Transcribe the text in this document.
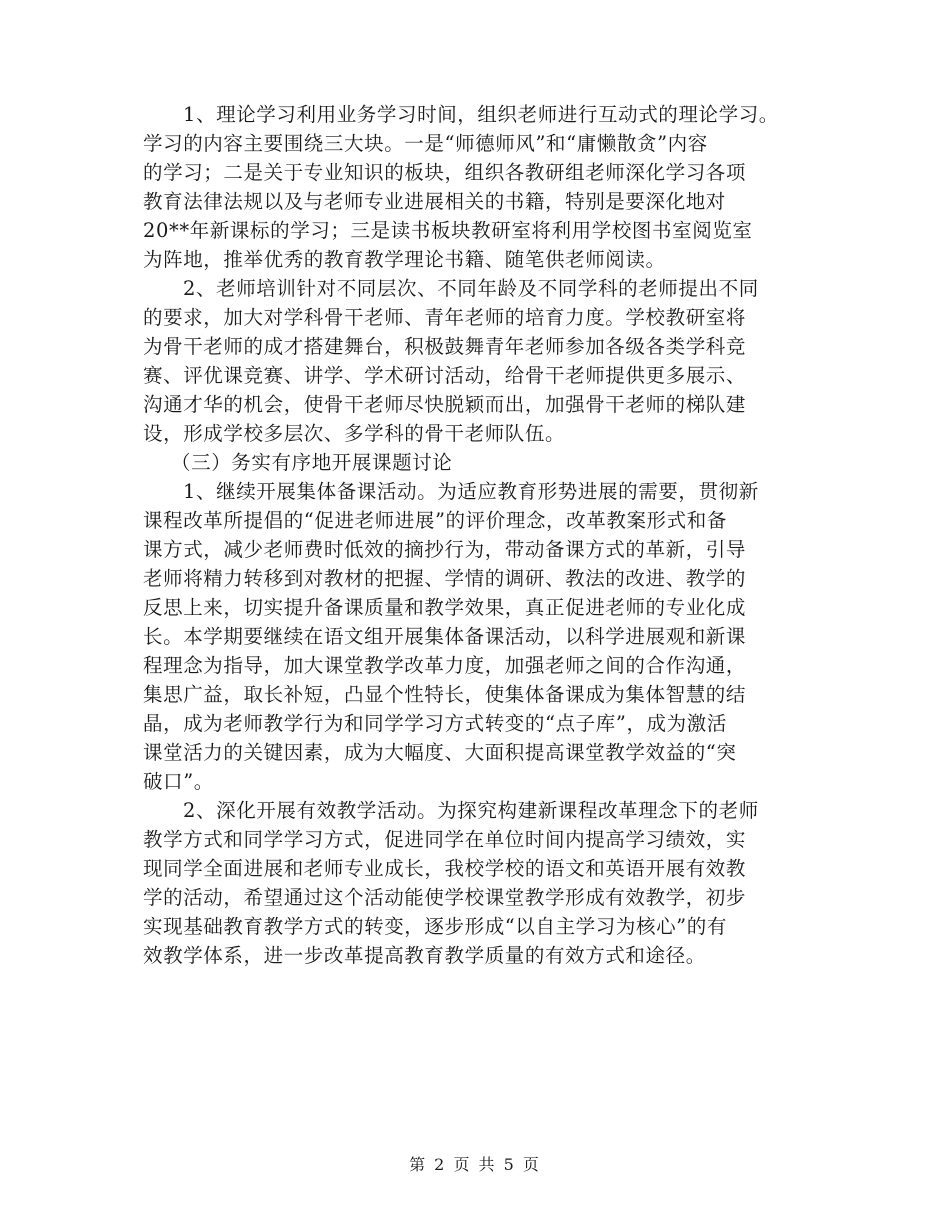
1、理论学习利用业务学习时间，组织老师进行互动式的理论学习。
学习的内容主要围绕三大块。一是“师德师风”和“庸懒散贪”内容
的学习；二是关于专业知识的板块，组织各教研组老师深化学习各项
教育法律法规以及与老师专业进展相关的书籍，特别是要深化地对
20**年新课标的学习；三是读书板块教研室将利用学校图书室阅览室
为阵地，推举优秀的教育教学理论书籍、随笔供老师阅读。
2、老师培训针对不同层次、不同年龄及不同学科的老师提出不同
的要求，加大对学科骨干老师、青年老师的培育力度。学校教研室将
为骨干老师的成才搭建舞台，积极鼓舞青年老师参加各级各类学科竞
赛、评优课竞赛、讲学、学术研讨活动，给骨干老师提供更多展示、
沟通才华的机会，使骨干老师尽快脱颖而出，加强骨干老师的梯队建
设，形成学校多层次、多学科的骨干老师队伍。
（三）务实有序地开展课题讨论
1、继续开展集体备课活动。为适应教育形势进展的需要，贯彻新
课程改革所提倡的“促进老师进展”的评价理念，改革教案形式和备
课方式，减少老师费时低效的摘抄行为，带动备课方式的革新，引导
老师将精力转移到对教材的把握、学情的调研、教法的改进、教学的
反思上来，切实提升备课质量和教学效果，真正促进老师的专业化成
长。本学期要继续在语文组开展集体备课活动，以科学进展观和新课
程理念为指导，加大课堂教学改革力度，加强老师之间的合作沟通，
集思广益，取长补短，凸显个性特长，使集体备课成为集体智慧的结
晶，成为老师教学行为和同学学习方式转变的“点子库”，成为激活
课堂活力的关键因素，成为大幅度、大面积提高课堂教学效益的“突
破口”。
2、深化开展有效教学活动。为探究构建新课程改革理念下的老师
教学方式和同学学习方式，促进同学在单位时间内提高学习绩效，实
现同学全面进展和老师专业成长，我校学校的语文和英语开展有效教
学的活动，希望通过这个活动能使学校课堂教学形成有效教学，初步
实现基础教育教学方式的转变，逐步形成“以自主学习为核心”的有
效教学体系，进一步改革提高教育教学质量的有效方式和途径。
第 2 页 共 5 页
